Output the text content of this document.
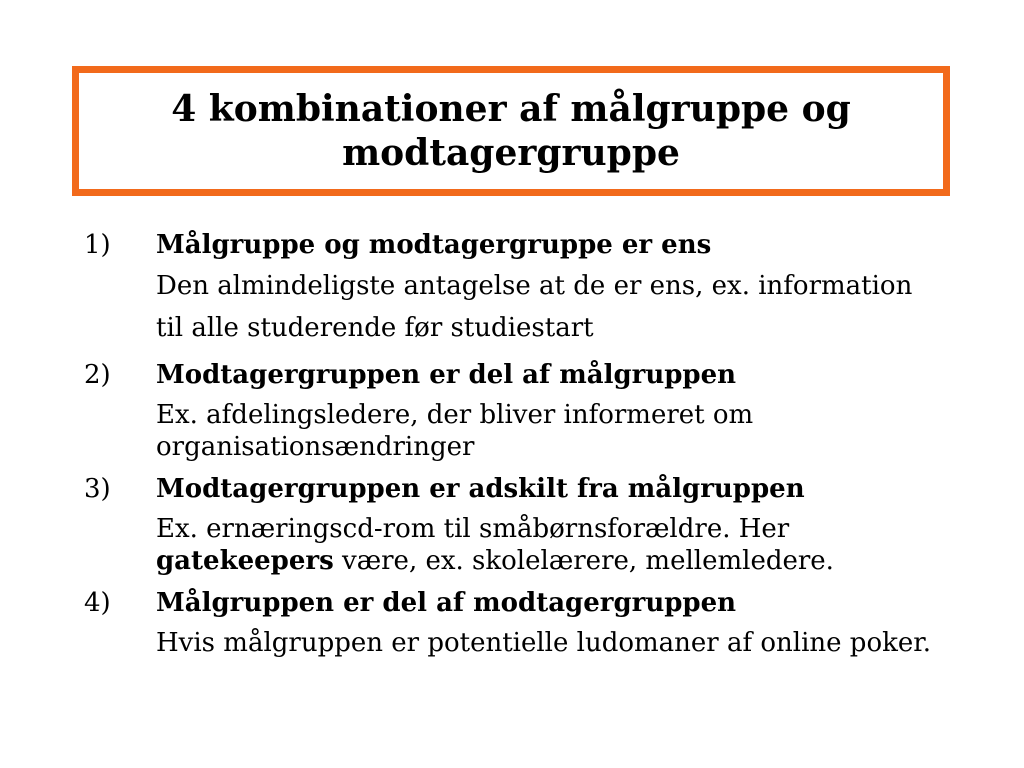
4 kombinationer af målgruppe og modtagergruppe
1) Målgruppe og modtagergruppe er ens
Den almindeligste antagelse at de er ens, ex. information til alle studerende før studiestart
2) Modtagergruppen er del af målgruppen
Ex. afdelingsledere, der bliver informeret om organisationsændringer
3) Modtagergruppen er adskilt fra målgruppen
Ex. ernæringscd-rom til småbørnsforældre. Her gatekeepers være, ex. skolelærere, mellemledere.
4) Målgruppen er del af modtagergruppen
Hvis målgruppen er potentielle ludomaner af online poker.
